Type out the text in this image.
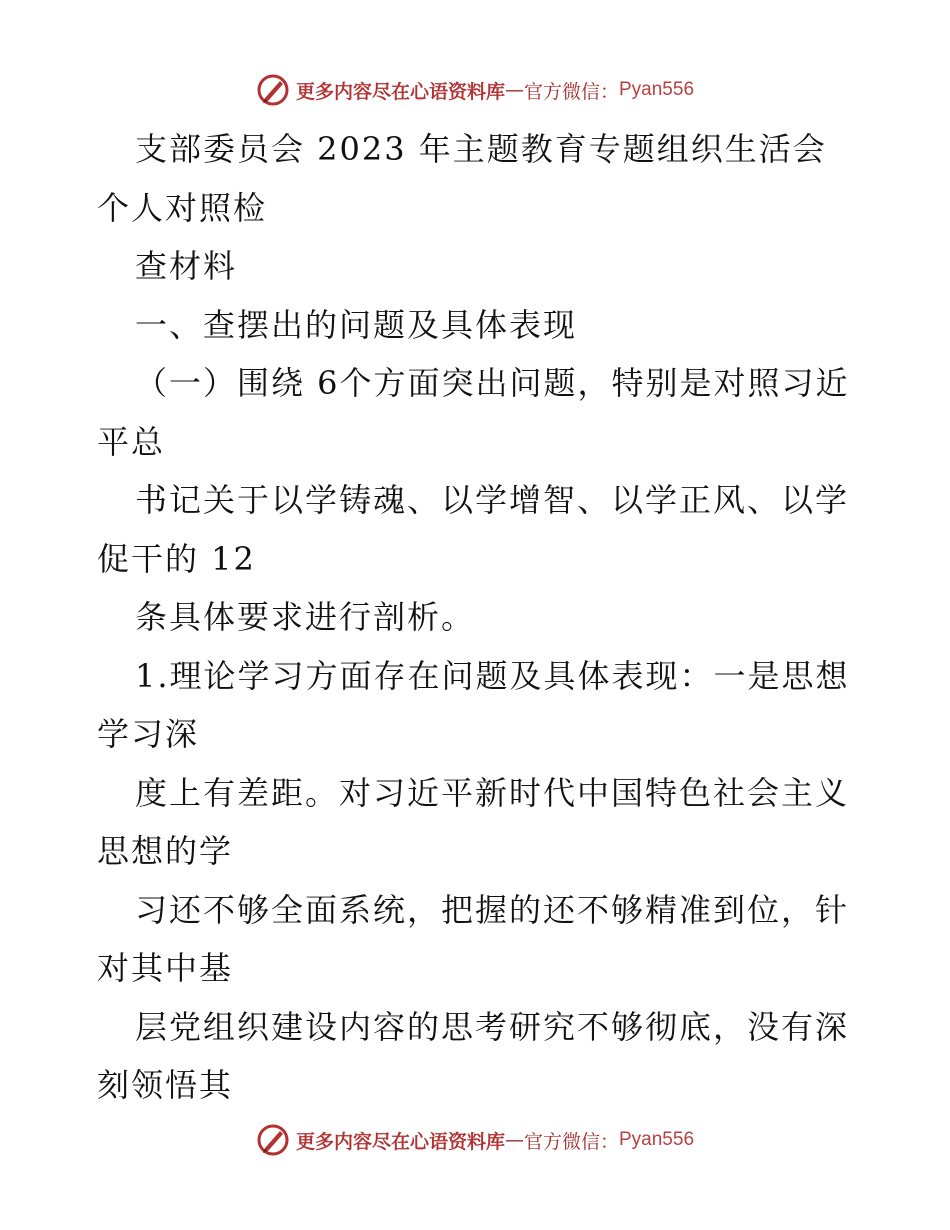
更多内容尽在心语资料库 — 官方微信： Pyan556

支部委员会 2023 年主题教育专题组织生活会个人对照检

查材料

一、查摆出的问题及具体表现

（一）围绕 6个方面突出问题，特别是对照习近平总

书记关于以学铸魂、以学增智、以学正风、以学促干的 12

条具体要求进行剖析。

1.理论学习方面存在问题及具体表现：一是思想学习深

度上有差距。对习近平新时代中国特色社会主义思想的学

习还不够全面系统，把握的还不够精准到位，针对其中基

层党组织建设内容的思考研究不够彻底，没有深刻领悟其

更多内容尽在心语资料库 — 官方微信： Pyan556
